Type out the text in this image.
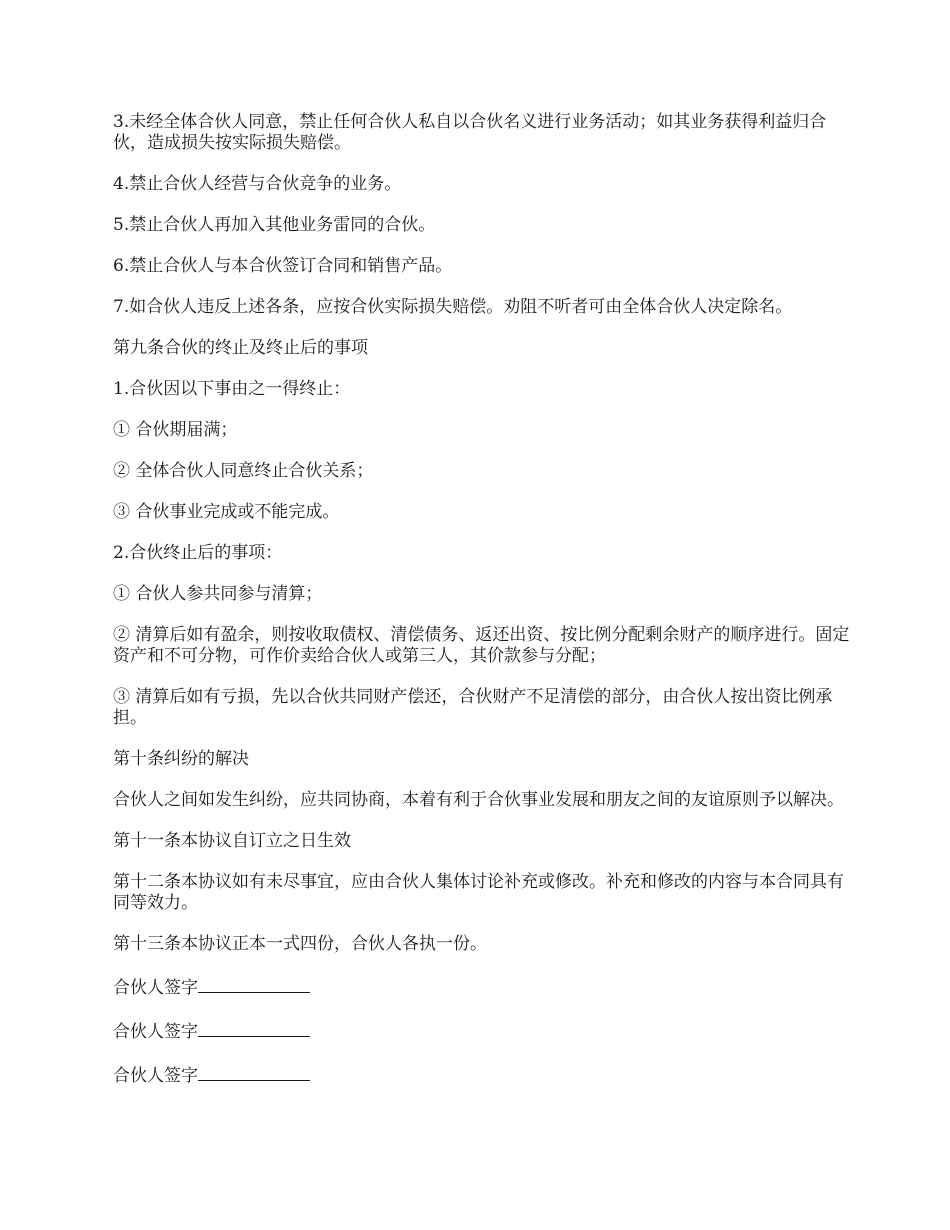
3.未经全体合伙人同意，禁止任何合伙人私自以合伙名义进行业务活动；如其业务获得利益归合伙，造成损失按实际损失赔偿。

4.禁止合伙人经营与合伙竞争的业务。

5.禁止合伙人再加入其他业务雷同的合伙。

6.禁止合伙人与本合伙签订合同和销售产品。

7.如合伙人违反上述各条，应按合伙实际损失赔偿。劝阻不听者可由全体合伙人决定除名。

第九条合伙的终止及终止后的事项

1.合伙因以下事由之一得终止：

① 合伙期届满；

② 全体合伙人同意终止合伙关系；

③ 合伙事业完成或不能完成。

2.合伙终止后的事项：

① 合伙人参共同参与清算；

② 清算后如有盈余，则按收取债权、清偿债务、返还出资、按比例分配剩余财产的顺序进行。固定资产和不可分物，可作价卖给合伙人或第三人，其价款参与分配；

③ 清算后如有亏损，先以合伙共同财产偿还，合伙财产不足清偿的部分，由合伙人按出资比例承担。

第十条纠纷的解决

合伙人之间如发生纠纷，应共同协商，本着有利于合伙事业发展和朋友之间的友谊原则予以解决。

第十一条本协议自订立之日生效

第十二条本协议如有未尽事宜，应由合伙人集体讨论补充或修改。补充和修改的内容与本合同具有同等效力。

第十三条本协议正本一式四份，合伙人各执一份。

合伙人签字

合伙人签字

合伙人签字
